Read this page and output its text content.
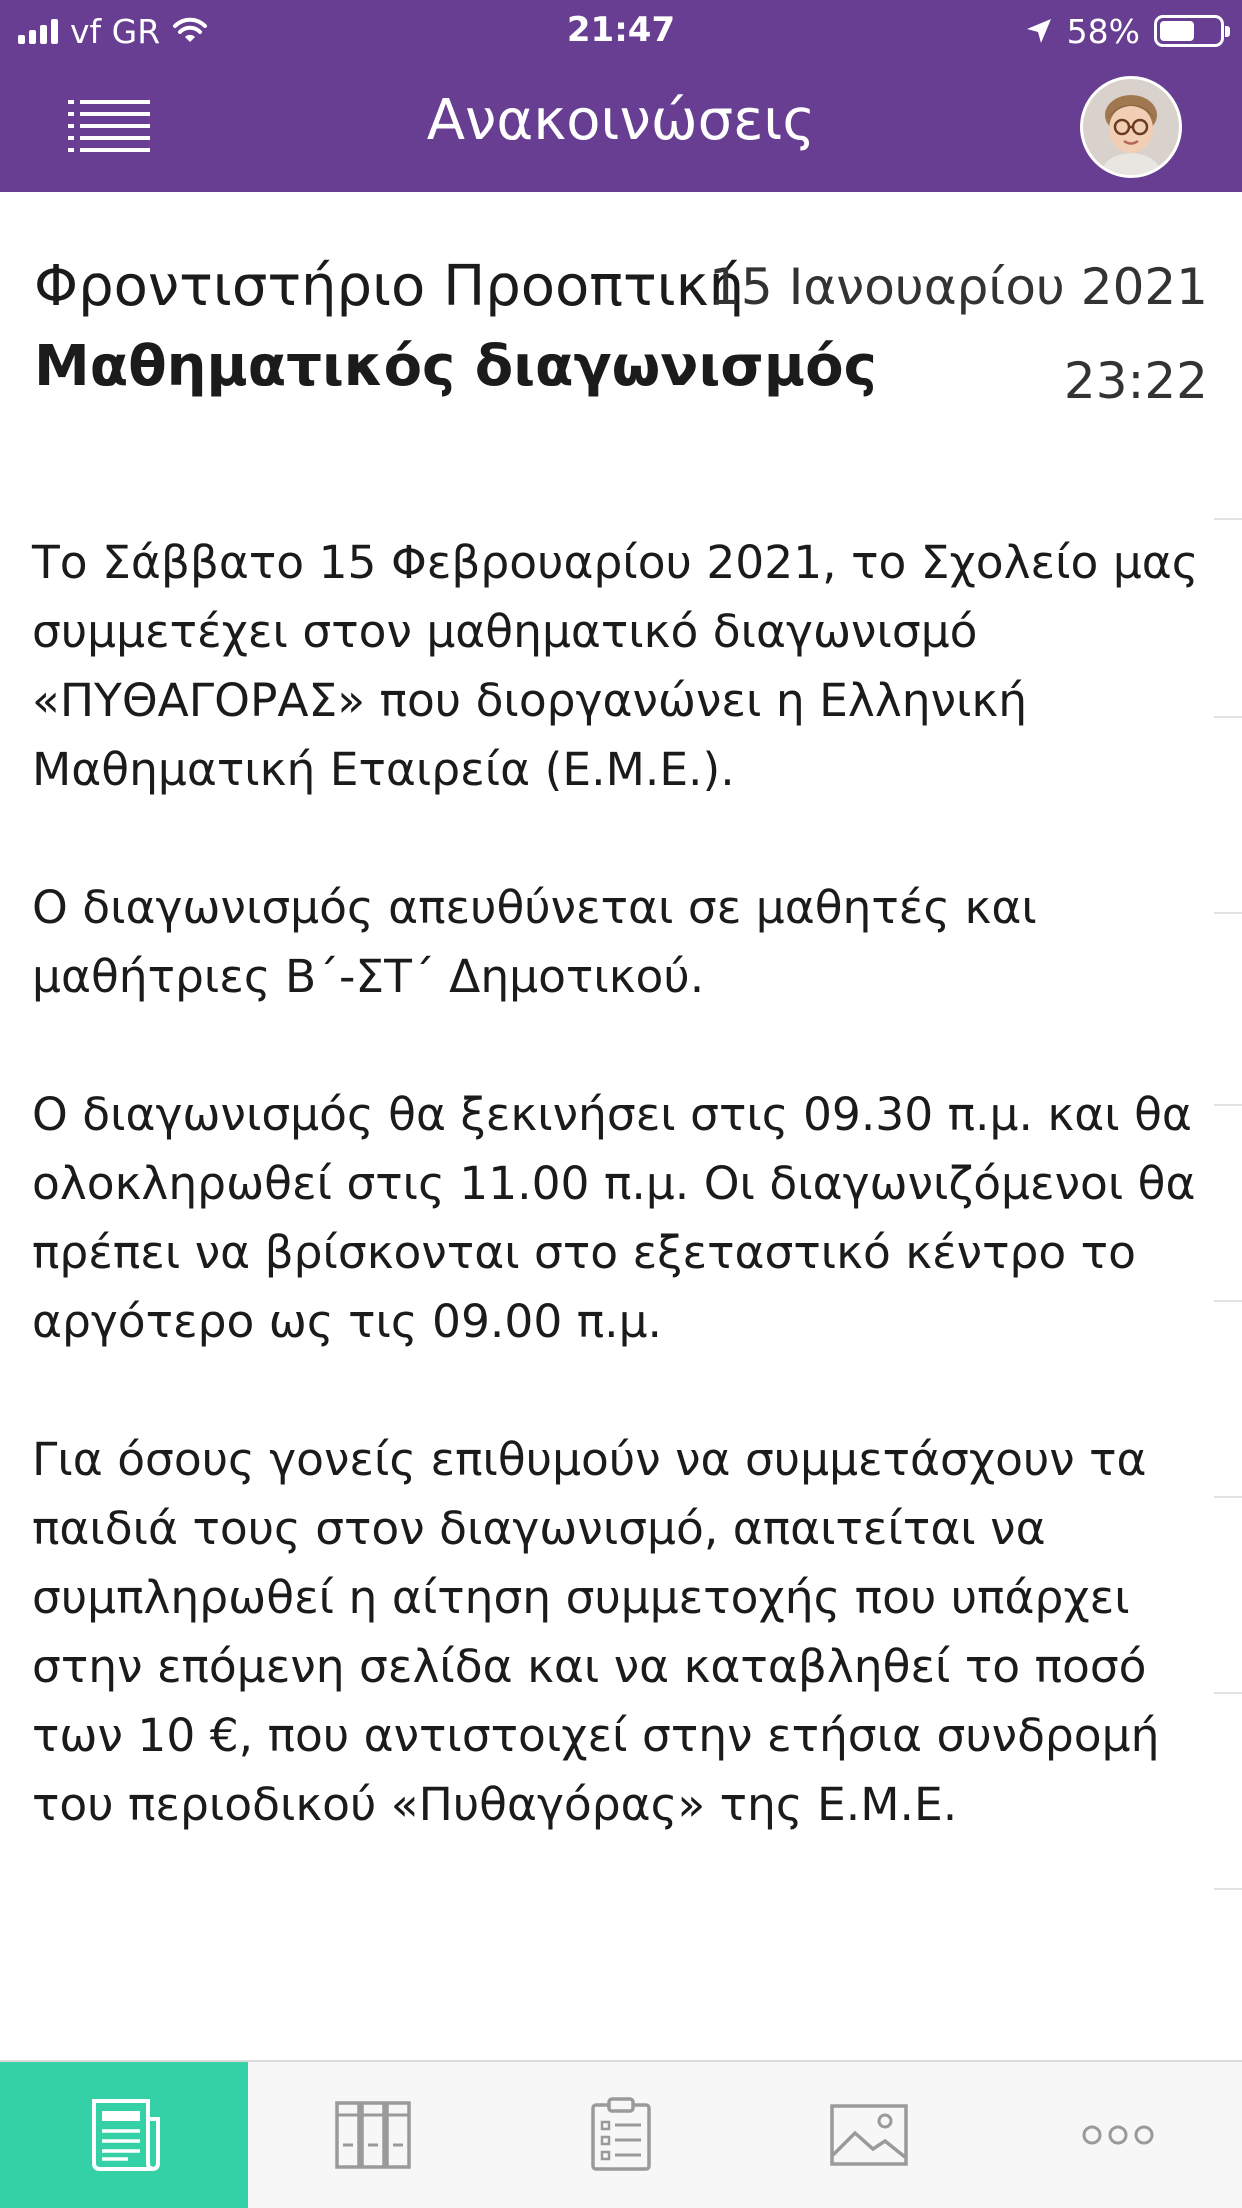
vf GR	21:47	58%
Ανακοινώσεις
Φροντιστήριο Προοπτική
Μαθηματικός διαγωνισμός
15 Ιανουαρίου 2021
23:22

Το Σάββατο 15 Φεβρουαρίου 2021, το Σχολείο μας συμμετέχει στον μαθηματικό διαγωνισμό «ΠΥΘΑΓΟΡΑΣ» που διοργανώνει η Ελληνική Μαθηματική Εταιρεία (Ε.Μ.Ε.).

Ο διαγωνισμός απευθύνεται σε μαθητές και μαθήτριες Β΄-ΣΤ΄ Δημοτικού.

Ο διαγωνισμός θα ξεκινήσει στις 09.30 π.μ. και θα ολοκληρωθεί στις 11.00 π.μ. Οι διαγωνιζόμενοι θα πρέπει να βρίσκονται στο εξεταστικό κέντρο το αργότερο ως τις 09.00 π.μ.

Για όσους γονείς επιθυμούν να συμμετάσχουν τα παιδιά τους στον διαγωνισμό, απαιτείται να συμπληρωθεί η αίτηση συμμετοχής που υπάρχει στην επόμενη σελίδα και να καταβληθεί το ποσό των 10 €, που αντιστοιχεί στην ετήσια συνδρομή του περιοδικού «Πυθαγόρας» της Ε.Μ.Ε.
